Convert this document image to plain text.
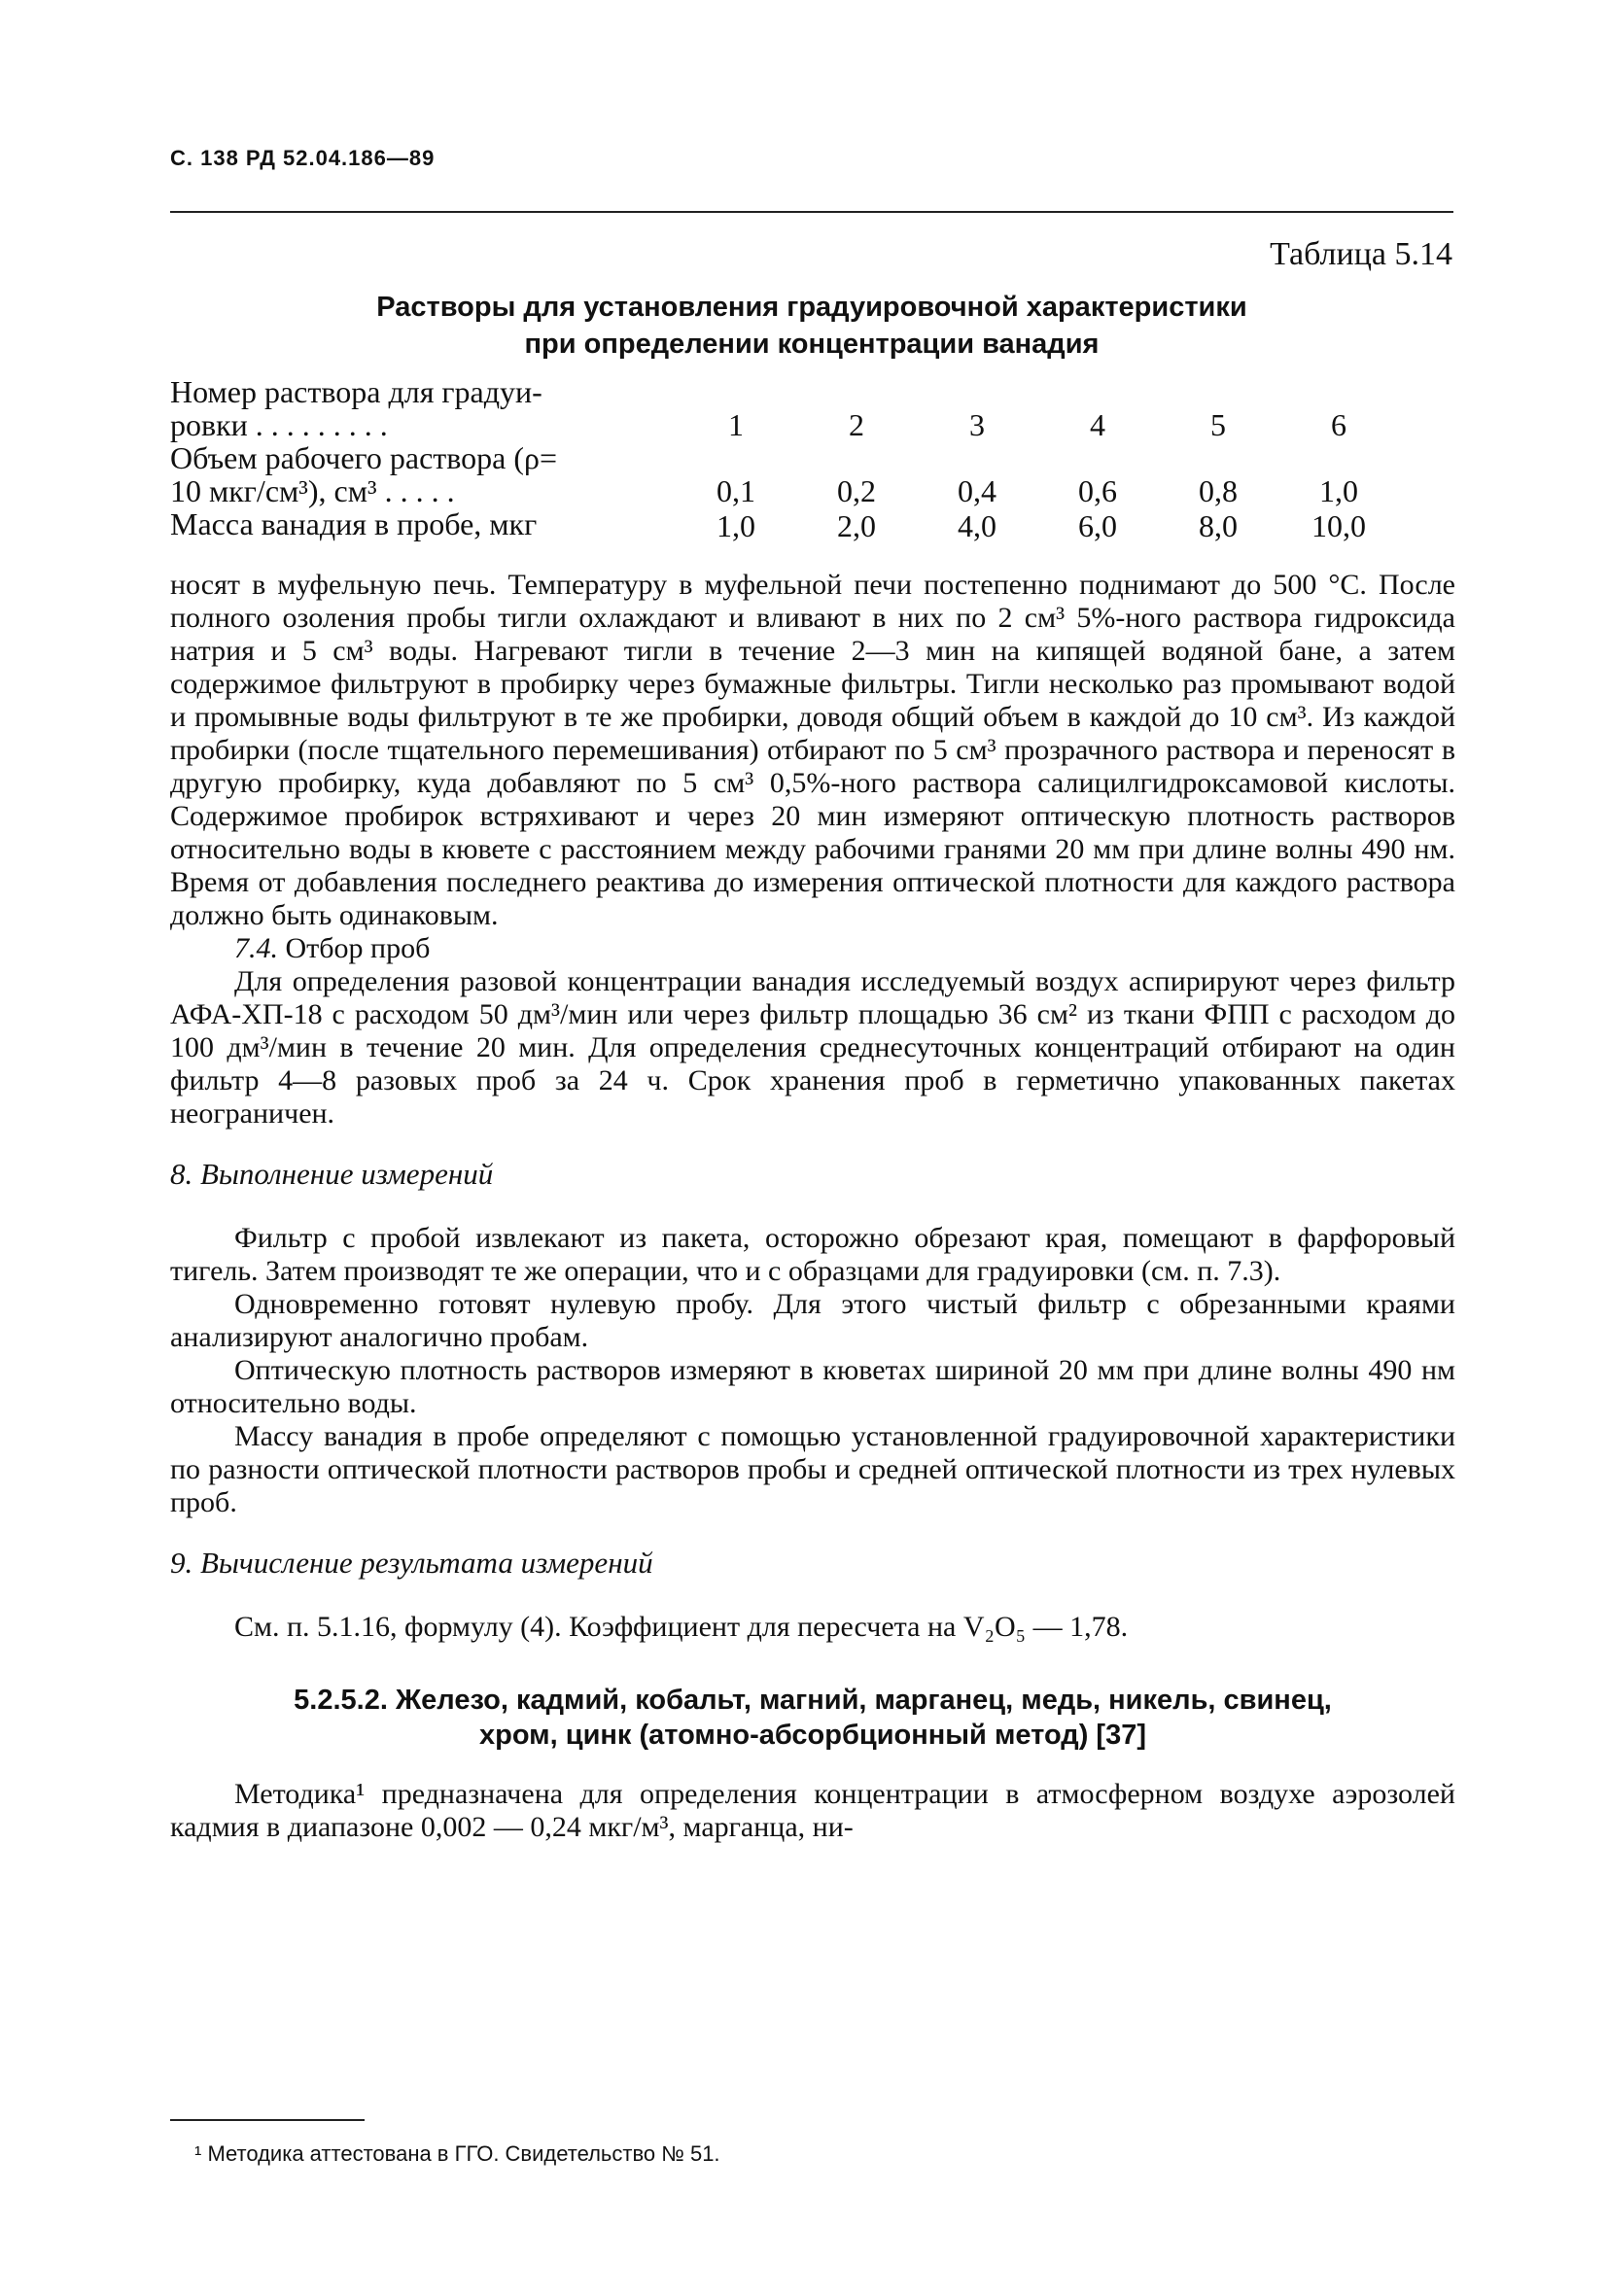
С. 138 РД 52.04.186—89
Таблица 5.14
Растворы для установления градуировочной характеристики
при определении концентрации ванадия
Номер раствора для градуи-
ровки . . . . . . . . .	1	2	3	4	5	6
Объем рабочего раствора (ρ=
10 мкг/см³), см³ . . . . .	0,1	0,2	0,4	0,6	0,8	1,0
Масса ванадия в пробе, мкг	1,0	2,0	4,0	6,0	8,0	10,0

носят в муфельную печь. Температуру в муфельной печи постепенно поднимают до 500 °С. После полного озоления пробы тигли охлаждают и вливают в них по 2 см³ 5%-ного раствора гидроксида натрия и 5 см³ воды. Нагревают тигли в течение 2—3 мин на кипящей водяной бане, а затем содержимое фильтруют в пробирку через бумажные фильтры. Тигли несколько раз промывают водой и промывные воды фильтруют в те же пробирки, доводя общий объем в каждой до 10 см³. Из каждой пробирки (после тщательного перемешивания) отбирают по 5 см³ прозрачного раствора и переносят в другую пробирку, куда добавляют по 5 см³ 0,5%-ного раствора салицилгидроксамовой кислоты. Содержимое пробирок встряхивают и через 20 мин измеряют оптическую плотность растворов относительно воды в кювете с расстоянием между рабочими гранями 20 мм при длине волны 490 нм. Время от добавления последнего реактива до измерения оптической плотности для каждого раствора должно быть одинаковым.

7.4. Отбор проб

Для определения разовой концентрации ванадия исследуемый воздух аспирируют через фильтр АФА-ХП-18 с расходом 50 дм³/мин или через фильтр площадью 36 см² из ткани ФПП с расходом до 100 дм³/мин в течение 20 мин. Для определения среднесуточных концентраций отбирают на один фильтр 4—8 разовых проб за 24 ч. Срок хранения проб в герметично упакованных пакетах неограничен.

8. Выполнение измерений

Фильтр с пробой извлекают из пакета, осторожно обрезают края, помещают в фарфоровый тигель. Затем производят те же операции, что и с образцами для градуировки (см. п. 7.3).

Одновременно готовят нулевую пробу. Для этого чистый фильтр с обрезанными краями анализируют аналогично пробам.

Оптическую плотность растворов измеряют в кюветах шириной 20 мм при длине волны 490 нм относительно воды.

Массу ванадия в пробе определяют с помощью установленной градуировочной характеристики по разности оптической плотности растворов пробы и средней оптической плотности из трех нулевых проб.

9. Вычисление результата измерений

См. п. 5.1.16, формулу (4). Коэффициент для пересчета на V₂O₅ — 1,78.

5.2.5.2. Железо, кадмий, кобальт, магний, марганец, медь, никель, свинец,
хром, цинк (атомно-абсорбционный метод) [37]

Методика¹ предназначена для определения концентрации в атмосферном воздухе аэрозолей кадмия в диапазоне 0,002 — 0,24 мкг/м³, марганца, ни-

¹ Методика аттестована в ГГО. Свидетельство № 51.
